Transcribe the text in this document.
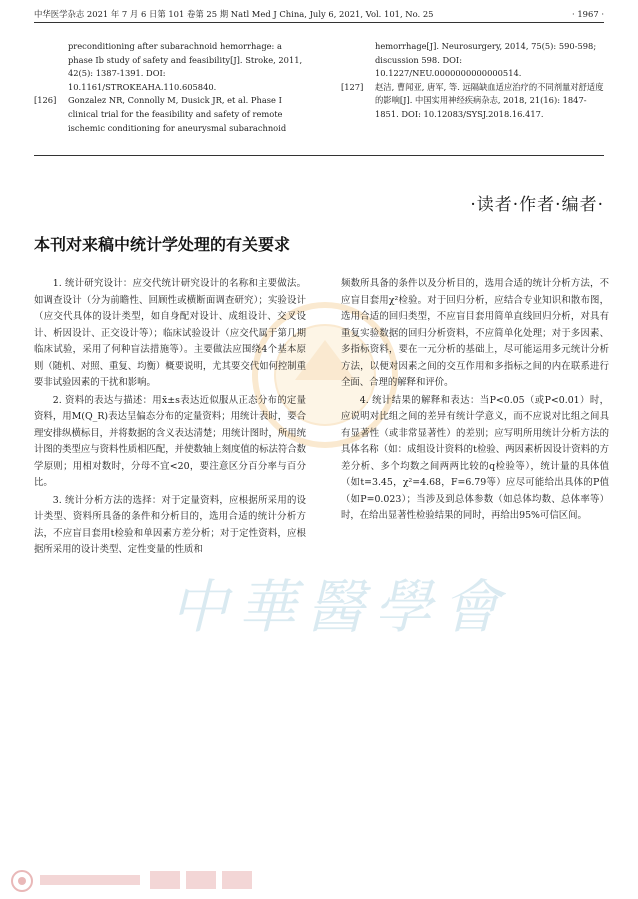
中华医学杂志 2021 年 7 月 6 日第 101 卷第 25 期 Natl Med J China, July 6, 2021, Vol. 101, No. 25	· 1967 ·

preconditioning after subarachnoid hemorrhage: a phase Ⅰb study of safety and feasibility[J]. Stroke, 2011, 42(5): 1387-1391. DOI: 10.1161/STROKEAHA.110.605840.

[126] Gonzalez NR, Connolly M, Dusick JR, et al. Phase Ⅰ clinical trial for the feasibility and safety of remote ischemic conditioning for aneurysmal subarachnoid

hemorrhage[J]. Neurosurgery, 2014, 75(5): 590-598; discussion 598. DOI: 10.1227/NEU.0000000000000514.

[127] 赵洁, 曹闻亚, 唐军, 等. 远隔缺血适应治疗的不同剂量对舒适度的影响[J]. 中国实用神经疾病杂志, 2018, 21(16): 1847-1851. DOI: 10.12083/SYSJ.2018.16.417.

·读者·作者·编者·
本刊对来稿中统计学处理的有关要求

1. 统计研究设计：应交代统计研究设计的名称和主要做法。如调查设计（分为前瞻性、回顾性或横断面调查研究）；实验设计（应交代具体的设计类型，如自身配对设计、成组设计、交叉设计、析因设计、正交设计等）；临床试验设计（应交代属于第几期临床试验，采用了何种盲法措施等）。主要做法应围绕4个基本原则（随机、对照、重复、均衡）概要说明，尤其要交代如何控制重要非试验因素的干扰和影响。

2. 资料的表达与描述：用x̄±s表达近似服从正态分布的定量资料，用M(Q_R)表达呈偏态分布的定量资料；用统计表时，要合理安排纵横标目，并将数据的含义表达清楚；用统计图时，所用统计图的类型应与资料性质相匹配，并使数轴上刻度值的标法符合数学原则；用相对数时，分母不宜<20，要注意区分百分率与百分比。

3. 统计分析方法的选择：对于定量资料，应根据所采用的设计类型、资料所具备的条件和分析目的，选用合适的统计分析方法，不应盲目套用t检验和单因素方差分析；对于定性资料，应根据所采用的设计类型、定性变量的性质和

频数所具备的条件以及分析目的，选用合适的统计分析方法，不应盲目套用χ²检验。对于回归分析，应结合专业知识和散布图，选用合适的回归类型，不应盲目套用简单直线回归分析，对具有重复实验数据的回归分析资料，不应简单化处理；对于多因素、多指标资料，要在一元分析的基础上，尽可能运用多元统计分析方法，以便对因素之间的交互作用和多指标之间的内在联系进行全面、合理的解释和评价。

4. 统计结果的解释和表达：当P<0.05（或P<0.01）时，应说明对比组之间的差异有统计学意义，而不应说对比组之间具有显著性（或非常显著性）的差别；应写明所用统计分析方法的具体名称（如：成组设计资料的t检验、两因素析因设计资料的方差分析、多个均数之间两两比较的q检验等），统计量的具体值（如t=3.45，χ²=4.68，F=6.79等）应尽可能给出具体的P值（如P=0.023）；当涉及到总体参数（如总体均数、总体率等）时，在给出显著性检验结果的同时，再给出95%可信区间。

中華醫學會
